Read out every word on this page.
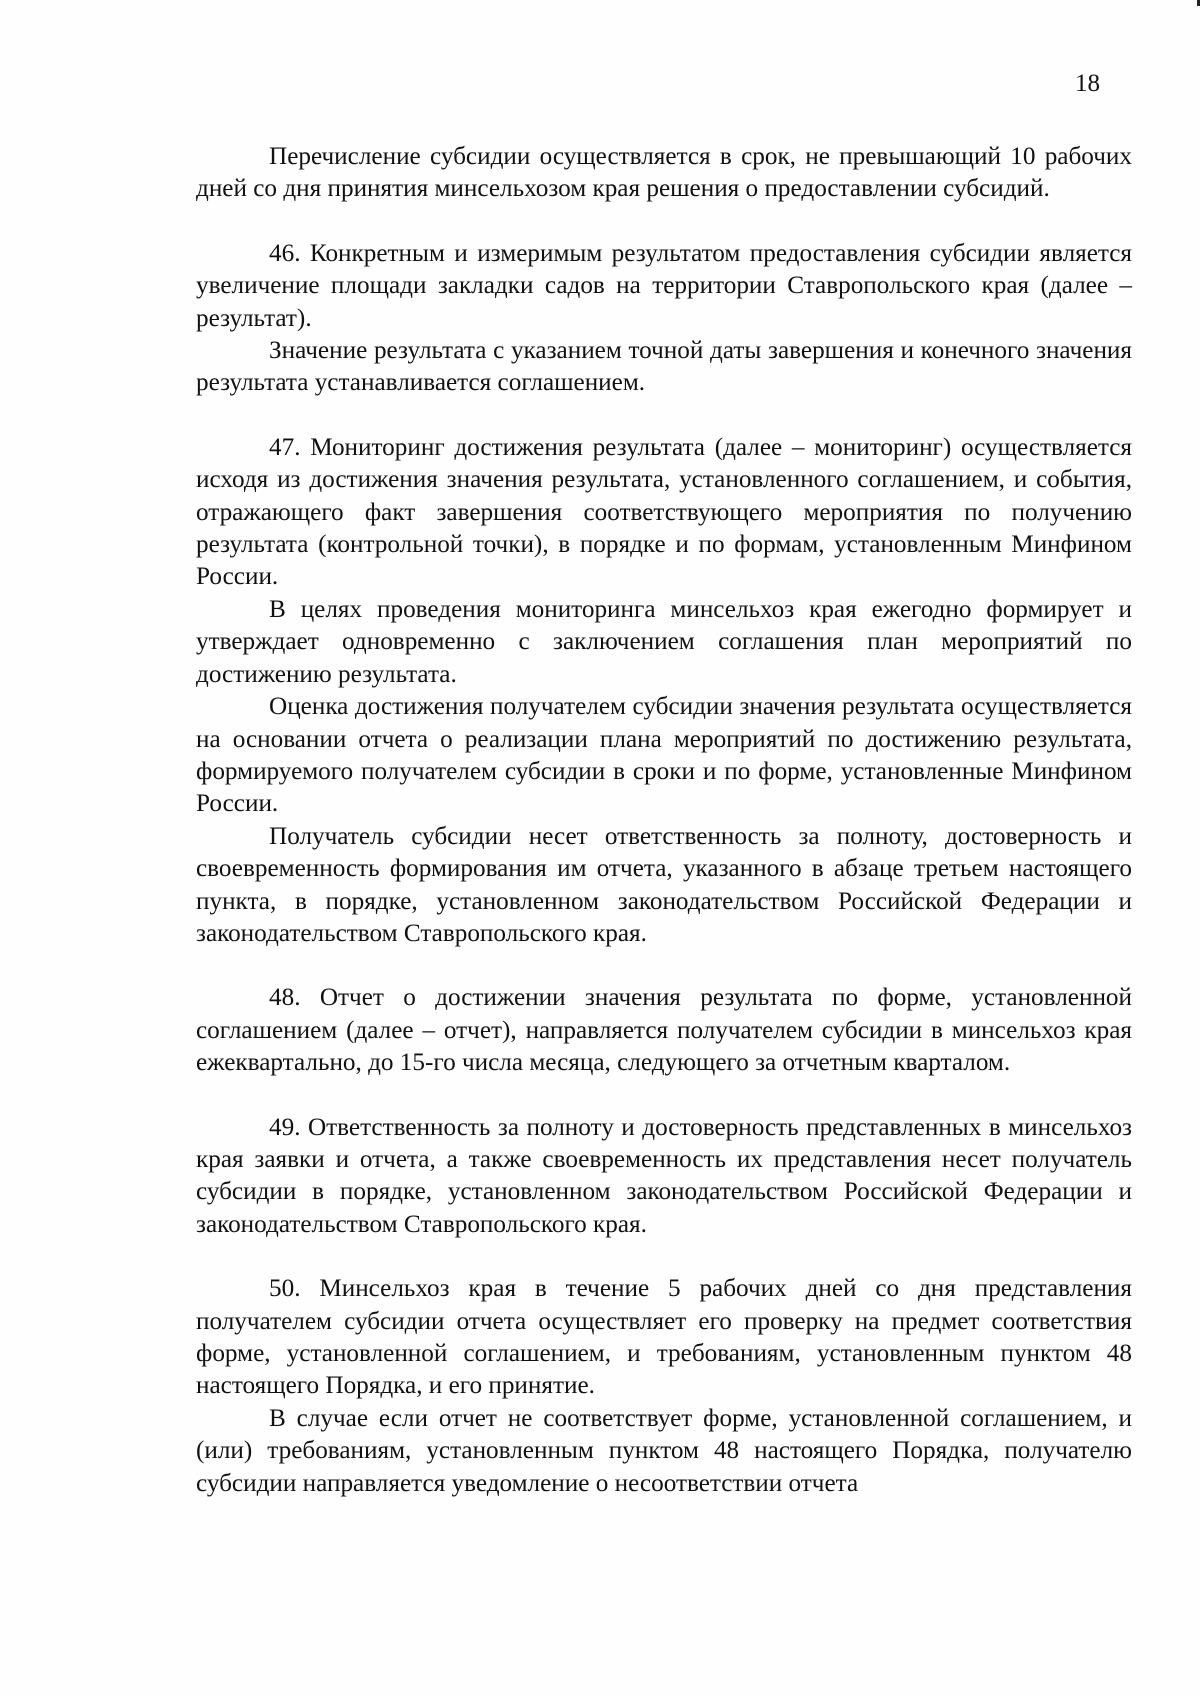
18

Перечисление субсидии осуществляется в срок, не превышающий 10 рабочих дней со дня принятия минсельхозом края решения о предоставлении субсидий.

46. Конкретным и измеримым результатом предоставления субсидии является увеличение площади закладки садов на территории Ставропольского края (далее – результат).

Значение результата с указанием точной даты завершения и конечного значения результата устанавливается соглашением.

47. Мониторинг достижения результата (далее – мониторинг) осуществляется исходя из достижения значения результата, установленного соглашением, и события, отражающего факт завершения соответствующего мероприятия по получению результата (контрольной точки), в порядке и по формам, установленным Минфином России.

В целях проведения мониторинга минсельхоз края ежегодно формирует и утверждает одновременно с заключением соглашения план мероприятий по достижению результата.

Оценка достижения получателем субсидии значения результата осуществляется на основании отчета о реализации плана мероприятий по достижению результата, формируемого получателем субсидии в сроки и по форме, установленные Минфином России.

Получатель субсидии несет ответственность за полноту, достоверность и своевременность формирования им отчета, указанного в абзаце третьем настоящего пункта, в порядке, установленном законодательством Российской Федерации и законодательством Ставропольского края.

48. Отчет о достижении значения результата по форме, установленной соглашением (далее – отчет), направляется получателем субсидии в минсельхоз края ежеквартально, до 15-го числа месяца, следующего за отчетным кварталом.

49. Ответственность за полноту и достоверность представленных в минсельхоз края заявки и отчета, а также своевременность их представления несет получатель субсидии в порядке, установленном законодательством Российской Федерации и законодательством Ставропольского края.

50. Минсельхоз края в течение 5 рабочих дней со дня представления получателем субсидии отчета осуществляет его проверку на предмет соответствия форме, установленной соглашением, и требованиям, установленным пунктом 48 настоящего Порядка, и его принятие.

В случае если отчет не соответствует форме, установленной соглашением, и (или) требованиям, установленным пунктом 48 настоящего Порядка, получателю субсидии направляется уведомление о несоответствии отчета
